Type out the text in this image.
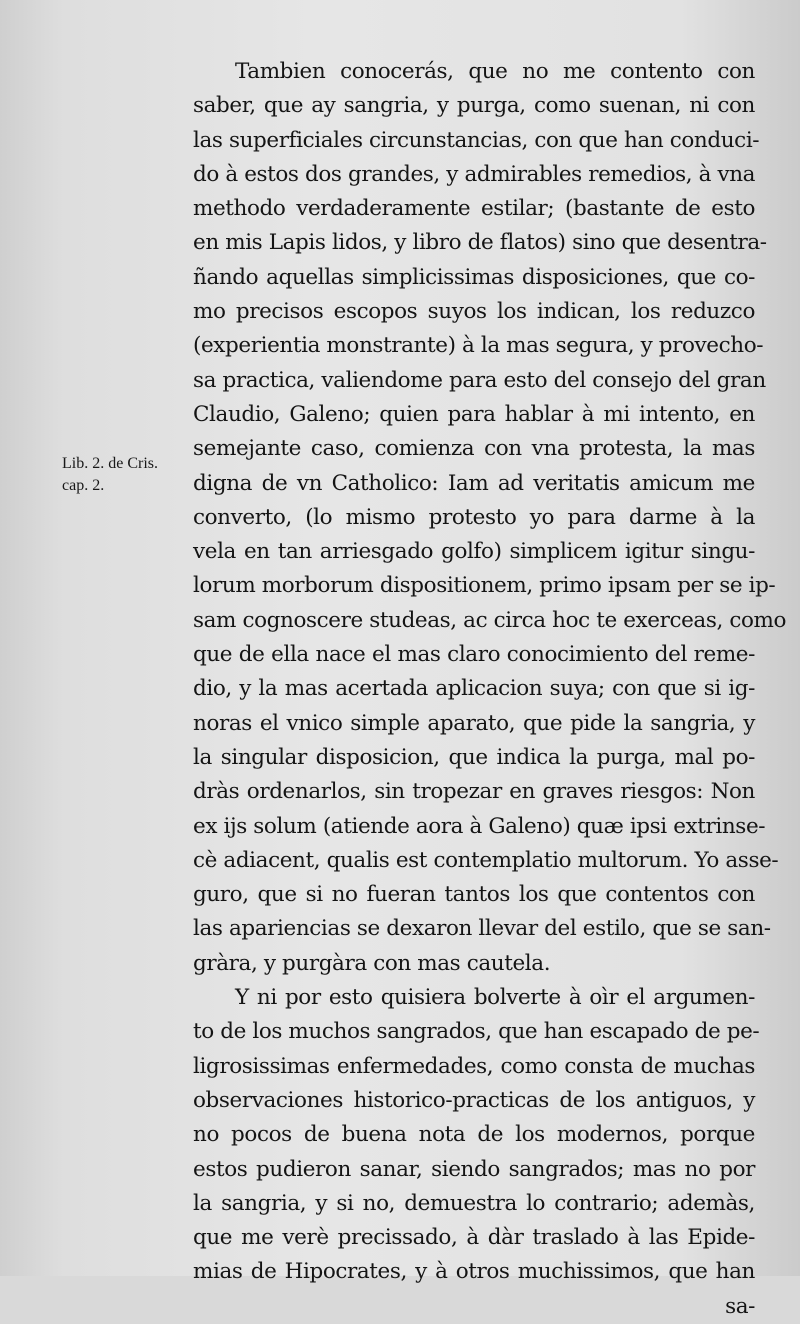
Lib. 2. de Cris.
cap. 2.
Tambien conocerás, que no me contento con
saber, que ay sangria, y purga, como suenan, ni con
las superficiales circunstancias, con que han conduci-
do à estos dos grandes, y admirables remedios, à vna
methodo verdaderamente estilar; (bastante de esto
en mis Lapis lidos, y libro de flatos) sino que desentra-
ñando aquellas simplicissimas disposiciones, que co-
mo precisos escopos suyos los indican, los reduzco
(experientia monstrante) à la mas segura, y provecho-
sa practica, valiendome para esto del consejo del gran
Claudio, Galeno; quien para hablar à mi intento, en
semejante caso, comienza con vna protesta, la mas
digna de vn Catholico: Iam ad veritatis amicum me
converto, (lo mismo protesto yo para darme à la
vela en tan arriesgado golfo) simplicem igitur singu-
lorum morborum dispositionem, primo ipsam per se ip-
sam cognoscere studeas, ac circa hoc te exerceas, como
que de ella nace el mas claro conocimiento del reme-
dio, y la mas acertada aplicacion suya; con que si ig-
noras el vnico simple aparato, que pide la sangria, y
la singular disposicion, que indica la purga, mal po-
dràs ordenarlos, sin tropezar en graves riesgos: Non
ex ijs solum (atiende aora à Galeno) quæ ipsi extrinse-
cè adiacent, qualis est contemplatio multorum. Yo asse-
guro, que si no fueran tantos los que contentos con
las apariencias se dexaron llevar del estilo, que se san-
gràra, y purgàra con mas cautela.
Y ni por esto quisiera bolverte à oìr el argumen-
to de los muchos sangrados, que han escapado de pe-
ligrosissimas enfermedades, como consta de muchas
observaciones historico-practicas de los antiguos, y
no pocos de buena nota de los modernos, porque
estos pudieron sanar, siendo sangrados; mas no por
la sangria, y si no, demuestra lo contrario; ademàs,
que me verè precissado, à dàr traslado à las Epide-
mias de Hipocrates, y à otros muchissimos, que han
sa-
